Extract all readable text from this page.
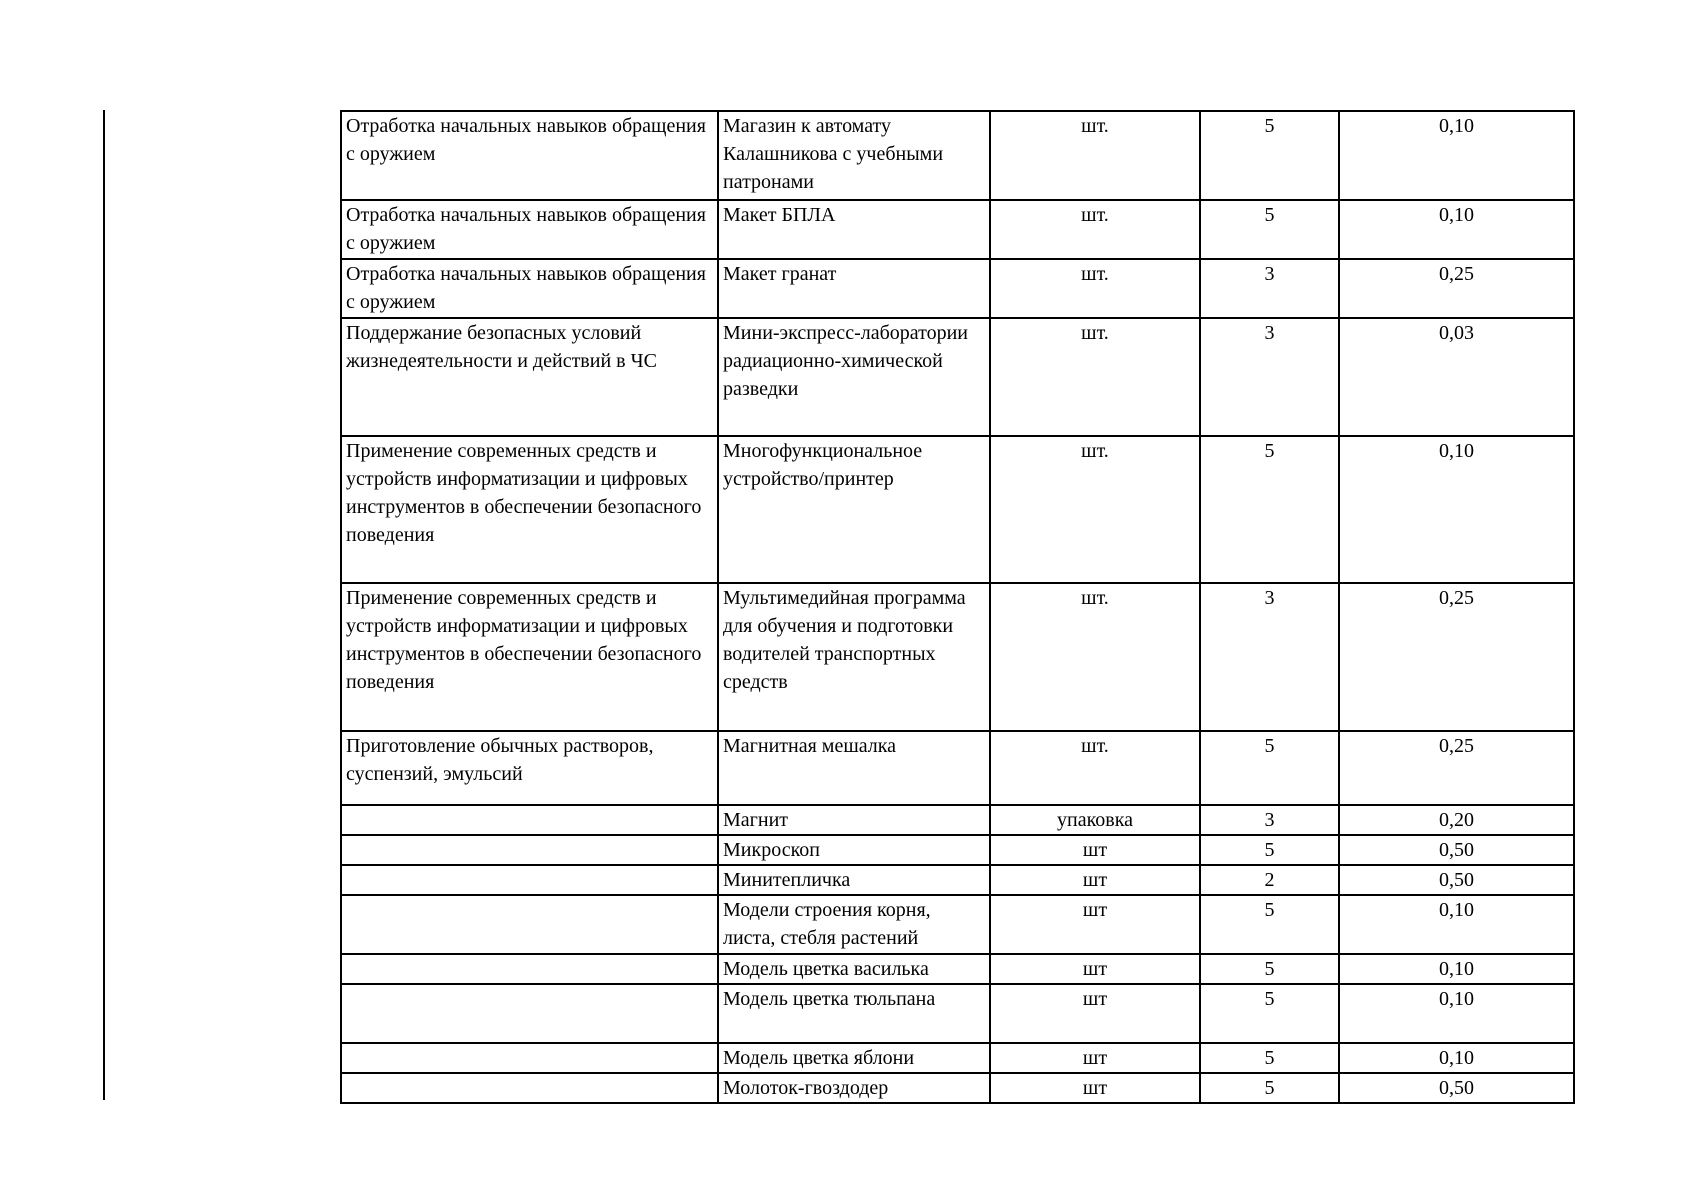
Отработка начальных навыков обращения с оружием	Магазин к автомату Калашникова с учебными патронами	шт.	5	0,10
Отработка начальных навыков обращения с оружием	Макет БПЛА	шт.	5	0,10
Отработка начальных навыков обращения с оружием	Макет гранат	шт.	3	0,25
Поддержание безопасных условий жизнедеятельности и действий в ЧС	Мини-экспресс-лаборатории радиационно-химической разведки	шт.	3	0,03
Применение современных средств и устройств информатизации и цифровых инструментов в обеспечении безопасного поведения	Многофункциональное устройство/принтер	шт.	5	0,10
Применение современных средств и устройств информатизации и цифровых инструментов в обеспечении безопасного поведения	Мультимедийная программа для обучения и подготовки водителей транспортных средств	шт.	3	0,25
Приготовление обычных растворов, суспензий, эмульсий	Магнитная мешалка	шт.	5	0,25
	Магнит	упаковка	3	0,20
	Микроскоп	шт	5	0,50
	Минитепличка	шт	2	0,50
	Модели строения корня, листа, стебля растений	шт	5	0,10
	Модель цветка василька	шт	5	0,10
	Модель цветка тюльпана	шт	5	0,10
	Модель цветка яблони	шт	5	0,10
	Молоток-гвоздодер	шт	5	0,50
